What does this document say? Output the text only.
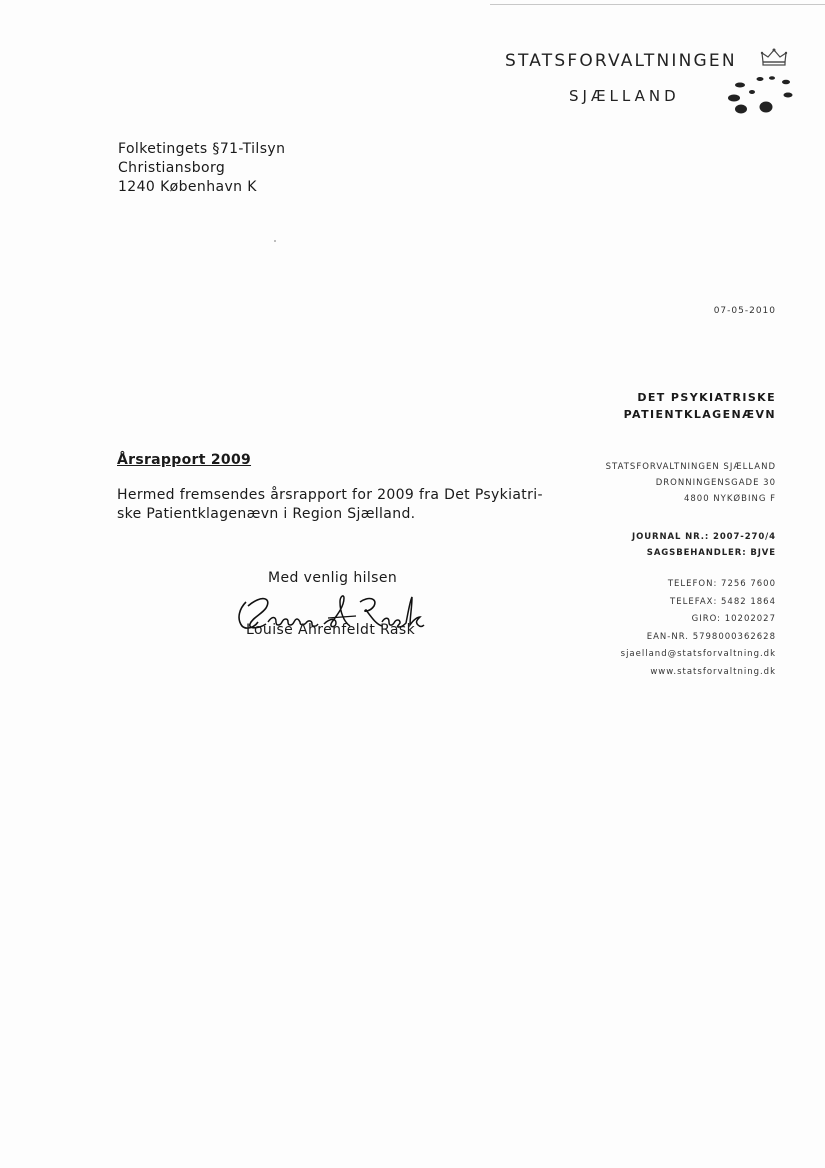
STATSFORVALTNINGEN
SJÆLLAND
Folketingets §71-Tilsyn
Christiansborg
1240 København K
07-05-2010
DET PSYKIATRISKE
PATIENTKLAGENÆVN
STATSFORVALTNINGEN SJÆLLAND
DRONNINGENSGADE 30
4800 NYKØBING F
JOURNAL NR.: 2007-270/4
SAGSBEHANDLER: BJVE
TELEFON: 7256 7600
TELEFAX: 5482 1864
GIRO: 10202027
EAN-NR. 5798000362628
sjaelland@statsforvaltning.dk
www.statsforvaltning.dk
Årsrapport 2009
Hermed fremsendes årsrapport for 2009 fra Det Psykiatri-
ske Patientklagenævn i Region Sjælland.
Med venlig hilsen
Louise Ahrenfeldt Rask
